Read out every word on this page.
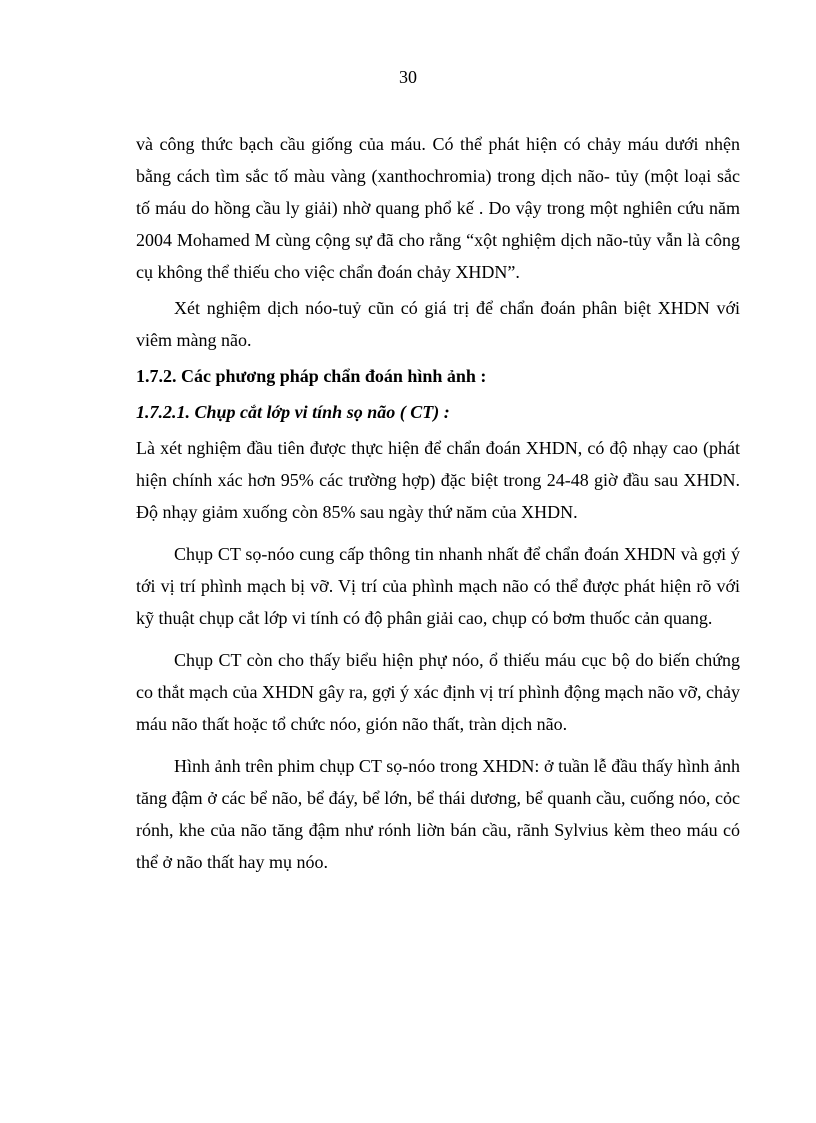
30

và công thức bạch cầu giống của máu. Có thể phát hiện có chảy máu dưới nhện bằng cách tìm sắc tố màu vàng (xanthochromia) trong dịch não- tủy (một loại sắc tố máu do hồng cầu ly giải) nhờ quang phổ kế . Do vậy trong một nghiên cứu năm 2004 Mohamed M cùng cộng sự đã cho rằng “xột nghiệm dịch não-tủy vẫn là công cụ không thể thiếu cho việc chẩn đoán chảy XHDN”.

Xét nghiệm dịch nóo-tuỷ cũn có giá trị để chẩn đoán phân biệt XHDN với viêm màng não.

1.7.2. Các phương pháp chẩn đoán hình ảnh :

1.7.2.1. Chụp cắt lớp vi tính sọ não ( CT) :

Là xét nghiệm đầu tiên được thực hiện để chẩn đoán XHDN, có độ nhạy cao (phát hiện chính xác hơn 95% các trường hợp) đặc biệt trong 24-48 giờ đầu sau XHDN. Độ nhạy giảm xuống còn 85% sau ngày thứ năm của XHDN.

Chụp CT sọ-nóo cung cấp thông tin nhanh nhất để chẩn đoán XHDN và gợi ý tới vị trí phình mạch bị vỡ. Vị trí của phình mạch não có thể được phát hiện rõ với kỹ thuật chụp cắt lớp vi tính có độ phân giải cao, chụp có bơm thuốc cản quang.

Chụp CT còn cho thấy biểu hiện phự nóo, ổ thiếu máu cục bộ do biến chứng co thắt mạch của XHDN gây ra, gợi ý xác định vị trí phình động mạch não vỡ, chảy máu não thất hoặc tổ chức nóo, gión não thất, tràn dịch não.

Hình ảnh trên phim chụp CT sọ-nóo trong XHDN: ở tuần lễ đầu thấy hình ảnh tăng đậm ở các bể não, bể đáy, bể lớn, bể thái dương, bể quanh cầu, cuống nóo, cỏc rónh, khe của não tăng đậm như rónh liờn bán cầu, rãnh Sylvius kèm theo máu có thể ở não thất hay mụ nóo.
